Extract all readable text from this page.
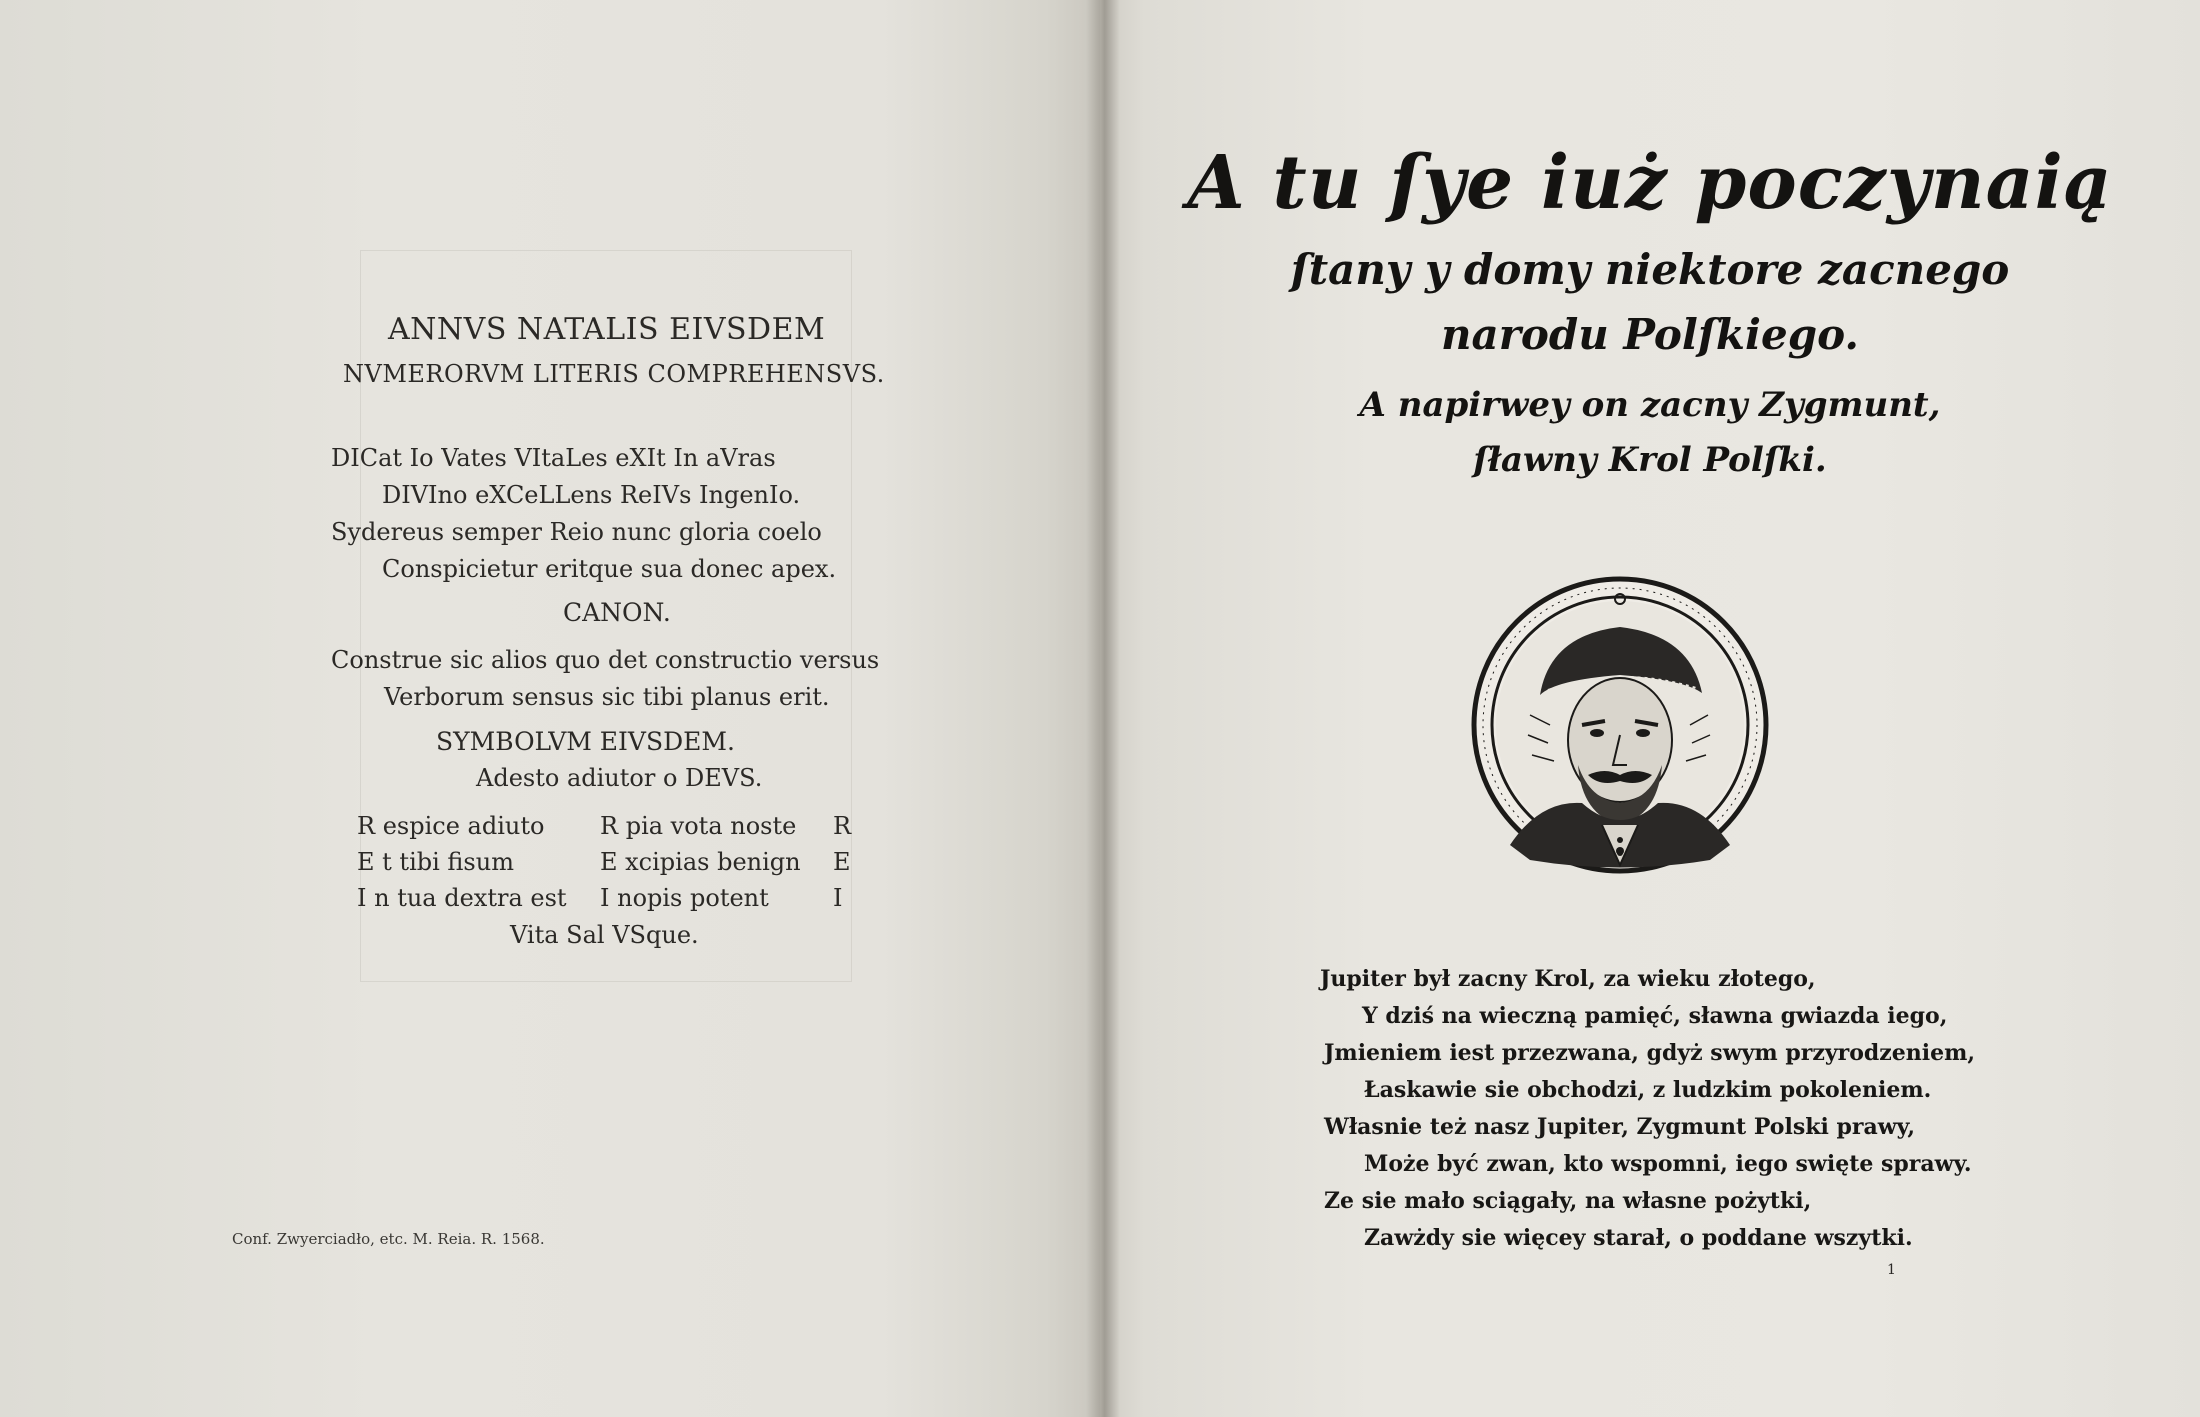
ANNVS NATALIS EIVSDEM
NVMERORVM LITERIS COMPREHENSVS.
DICat Io Vates VItaLes eXIt In aVras
DIVIno eXCeLLens ReIVs IngenIo.
Sydereus semper Reio nunc gloria coelo
Conspicietur eritque sua donec apex.
CANON.
Construe sic alios quo det constructio versus
Verborum sensus sic tibi planus erit.
SYMBOLVM EIVSDEM.
Adesto adiutor o DEVS.
R espice adiuto R pia vota noste R
E t tibi fisum	E xcipias benign E
I n tua dextra est I nopis potent	I
Vita Sal VSque.
Conf. Zwyerciadło, etc. M. Reia. R. 1568.
A tu ſye iuż poczynaią
ſtany y domy niektore zacnego
narodu Polſkiego.
A napirwey on zacny Zygmunt,
ſławny Krol Polſki.
Jupiter był zacny Krol, za wieku złotego,
Y dziś na wieczną pamięć, sławna gwiazda iego,
Jmieniem iest przezwana, gdyż swym przyrodzeniem,
Łaskawie sie obchodzi, z ludzkim pokoleniem.
Własnie też nasz Jupiter, Zygmunt Polski prawy,
Może być zwan, kto wspomni, iego swięte sprawy.
Ze sie mało sciągały, na własne pożytki,
Zawżdy sie więcey starał, o poddane wszytki.
1
